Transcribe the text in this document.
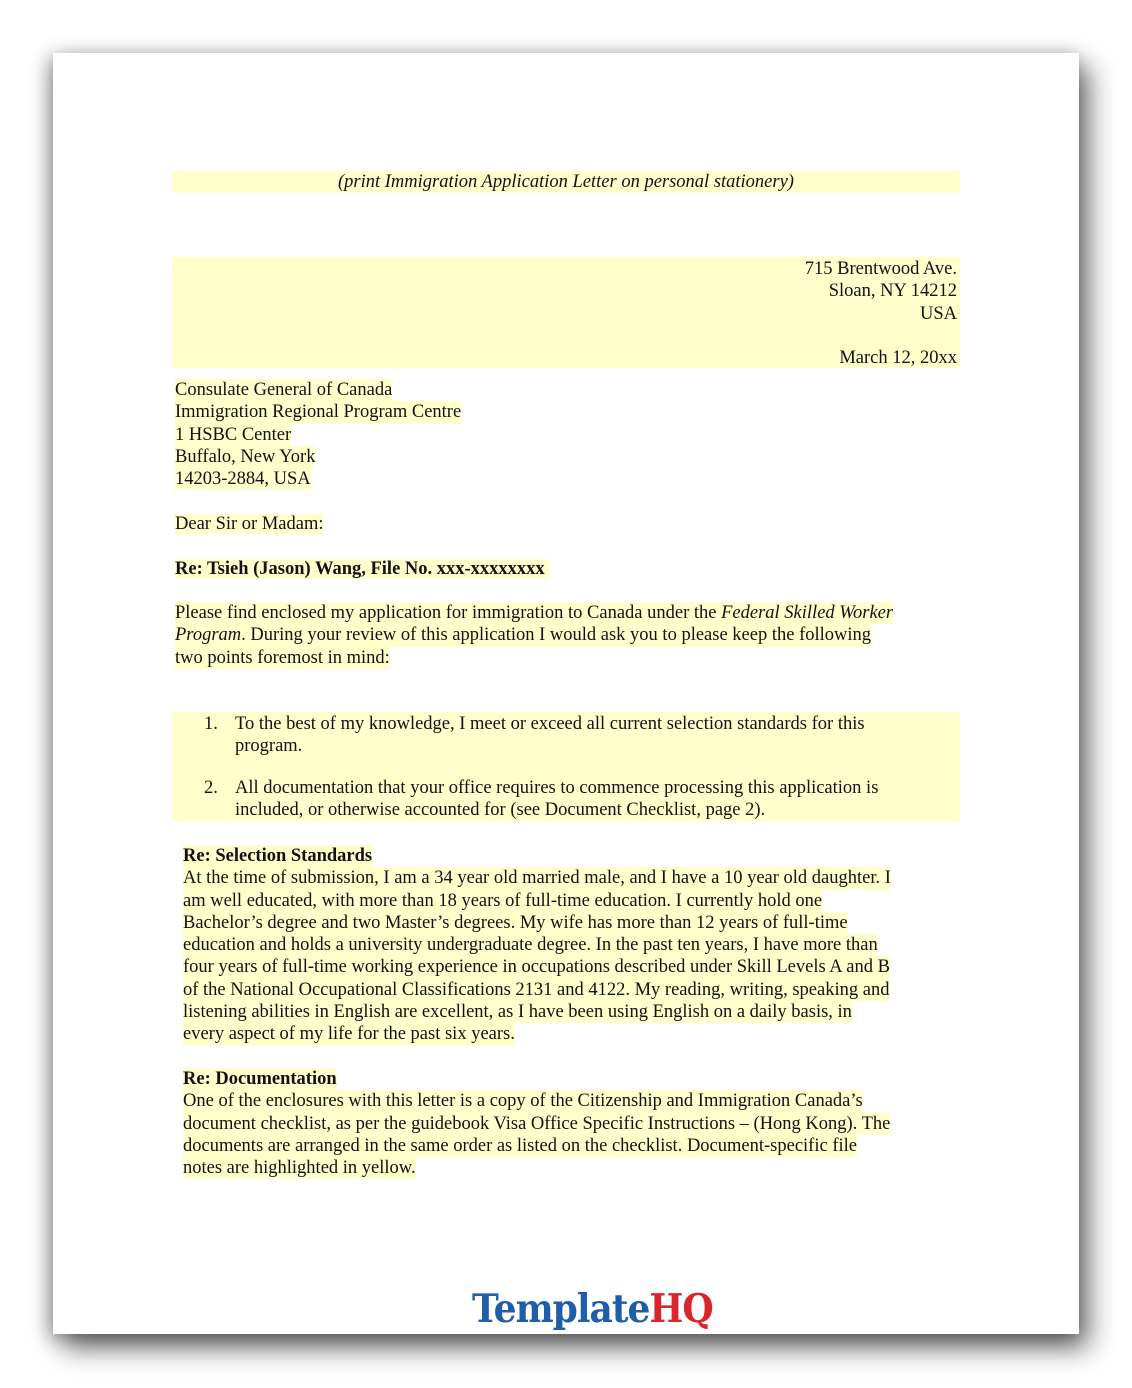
(print Immigration Application Letter on personal stationery)
715 Brentwood Ave.
Sloan, NY 14212
USA
March 12, 20xx
Consulate General of Canada
Immigration Regional Program Centre
1 HSBC Center
Buffalo, New York
14203-2884, USA
Dear Sir or Madam:
Re: Tsieh (Jason) Wang, File No. xxx-xxxxxxxx
Please find enclosed my application for immigration to Canada under the Federal Skilled Worker
Program. During your review of this application I would ask you to please keep the following
two points foremost in mind:
1. To the best of my knowledge, I meet or exceed all current selection standards for this
program.
2. All documentation that your office requires to commence processing this application is
included, or otherwise accounted for (see Document Checklist, page 2).
Re: Selection Standards
At the time of submission, I am a 34 year old married male, and I have a 10 year old daughter. I
am well educated, with more than 18 years of full-time education. I currently hold one
Bachelor’s degree and two Master’s degrees. My wife has more than 12 years of full-time
education and holds a university undergraduate degree. In the past ten years, I have more than
four years of full-time working experience in occupations described under Skill Levels A and B
of the National Occupational Classifications 2131 and 4122. My reading, writing, speaking and
listening abilities in English are excellent, as I have been using English on a daily basis, in
every aspect of my life for the past six years.
Re: Documentation
One of the enclosures with this letter is a copy of the Citizenship and Immigration Canada’s
document checklist, as per the guidebook Visa Office Specific Instructions – (Hong Kong). The
documents are arranged in the same order as listed on the checklist. Document-specific file
notes are highlighted in yellow.
TemplateHQ
